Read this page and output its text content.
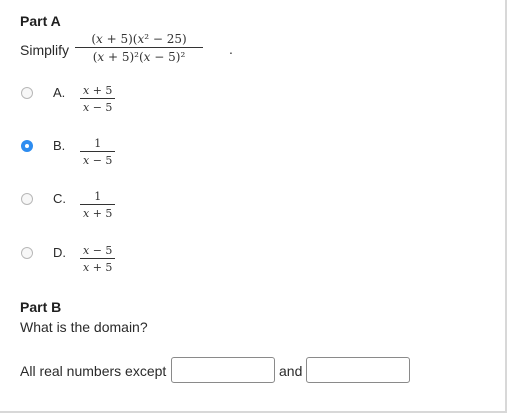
Part A
Simplify
(𝑥 + 5)(𝑥² − 25)
(𝑥 + 5)²(𝑥 − 5)²	.
A. 𝑥 + 5
𝑥 − 5
B.	1
𝑥 − 5
C.	1
𝑥 + 5
D. 𝑥 − 5
𝑥 + 5
Part B
What is the domain?
All real numbers except	and
